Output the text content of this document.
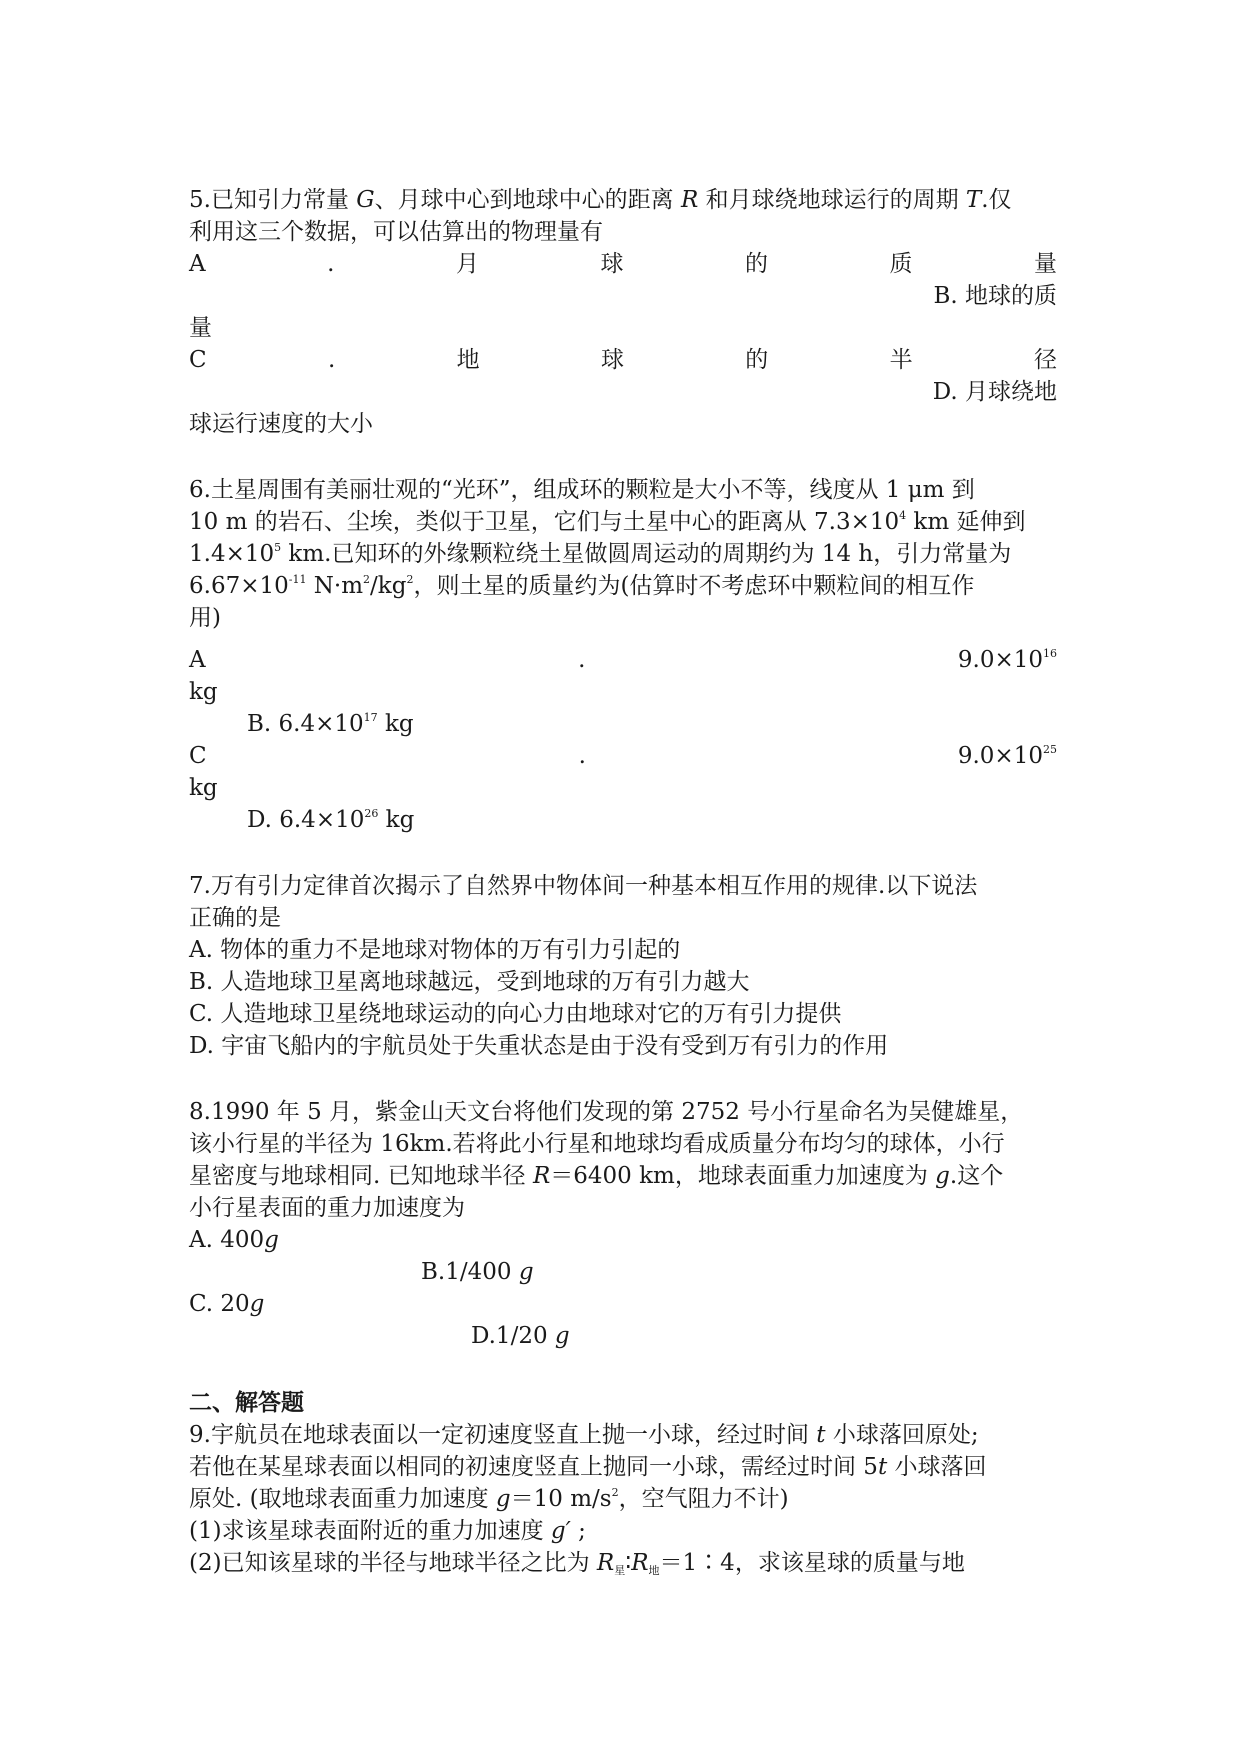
5.已知引力常量 G、月球中心到地球中心的距离 R 和月球绕地球运行的周期 T.仅
利用这三个数据，可以估算出的物理量有
A	.	月	球	的	质	量
B. 地球的质
量
C	.	地	球	的	半	径
D. 月球绕地
球运行速度的大小
6.土星周围有美丽壮观的“光环”，组成环的颗粒是大小不等，线度从 1 μm 到
10 m 的岩石、尘埃，类似于卫星，它们与土星中心的距离从 $7.3\times 10^4$ km 延伸到
$1.4\times 10^5$ km.已知环的外缘颗粒绕土星做圆周运动的周期约为 14 h，引力常量为
$6.67\times 10^{-11}$ $N\cdot m^2/kg^2$，则土星的质量约为(估算时不考虑环中颗粒间的相互作
用)
A	.	$9.0\times 10^{16}$
kg
B. $6.4\times 10^{17}$ kg
C	.	$9.0\times 10^{25}$
kg
D. $6.4\times 10^{26}$ kg
7.万有引力定律首次揭示了自然界中物体间一种基本相互作用的规律.以下说法
正确的是
A. 物体的重力不是地球对物体的万有引力引起的
B. 人造地球卫星离地球越远，受到地球的万有引力越大
C. 人造地球卫星绕地球运动的向心力由地球对它的万有引力提供
D. 宇宙飞船内的宇航员处于失重状态是由于没有受到万有引力的作用
8.1990 年 5 月，紫金山天文台将他们发现的第 2752 号小行星命名为吴健雄星，
该小行星的半径为 16km.若将此小行星和地球均看成质量分布均匀的球体，小行
星密度与地球相同. 已知地球半径 R＝6400 km，地球表面重力加速度为 g.这个
小行星表面的重力加速度为
A. 400g
B.1/400 g
C. 20g
D.1/20 g
二、解答题
9.宇航员在地球表面以一定初速度竖直上抛一小球，经过时间 t 小球落回原处;
若他在某星球表面以相同的初速度竖直上抛同一小球，需经过时间 5t 小球落回
原处. (取地球表面重力加速度 g＝10 $m/s^2$，空气阻力不计)
(1)求该星球表面附近的重力加速度 g′ ;
(2)已知该星球的半径与地球半径之比为 $R_星∶R_地=1∶4$，求该星球的质量与地
